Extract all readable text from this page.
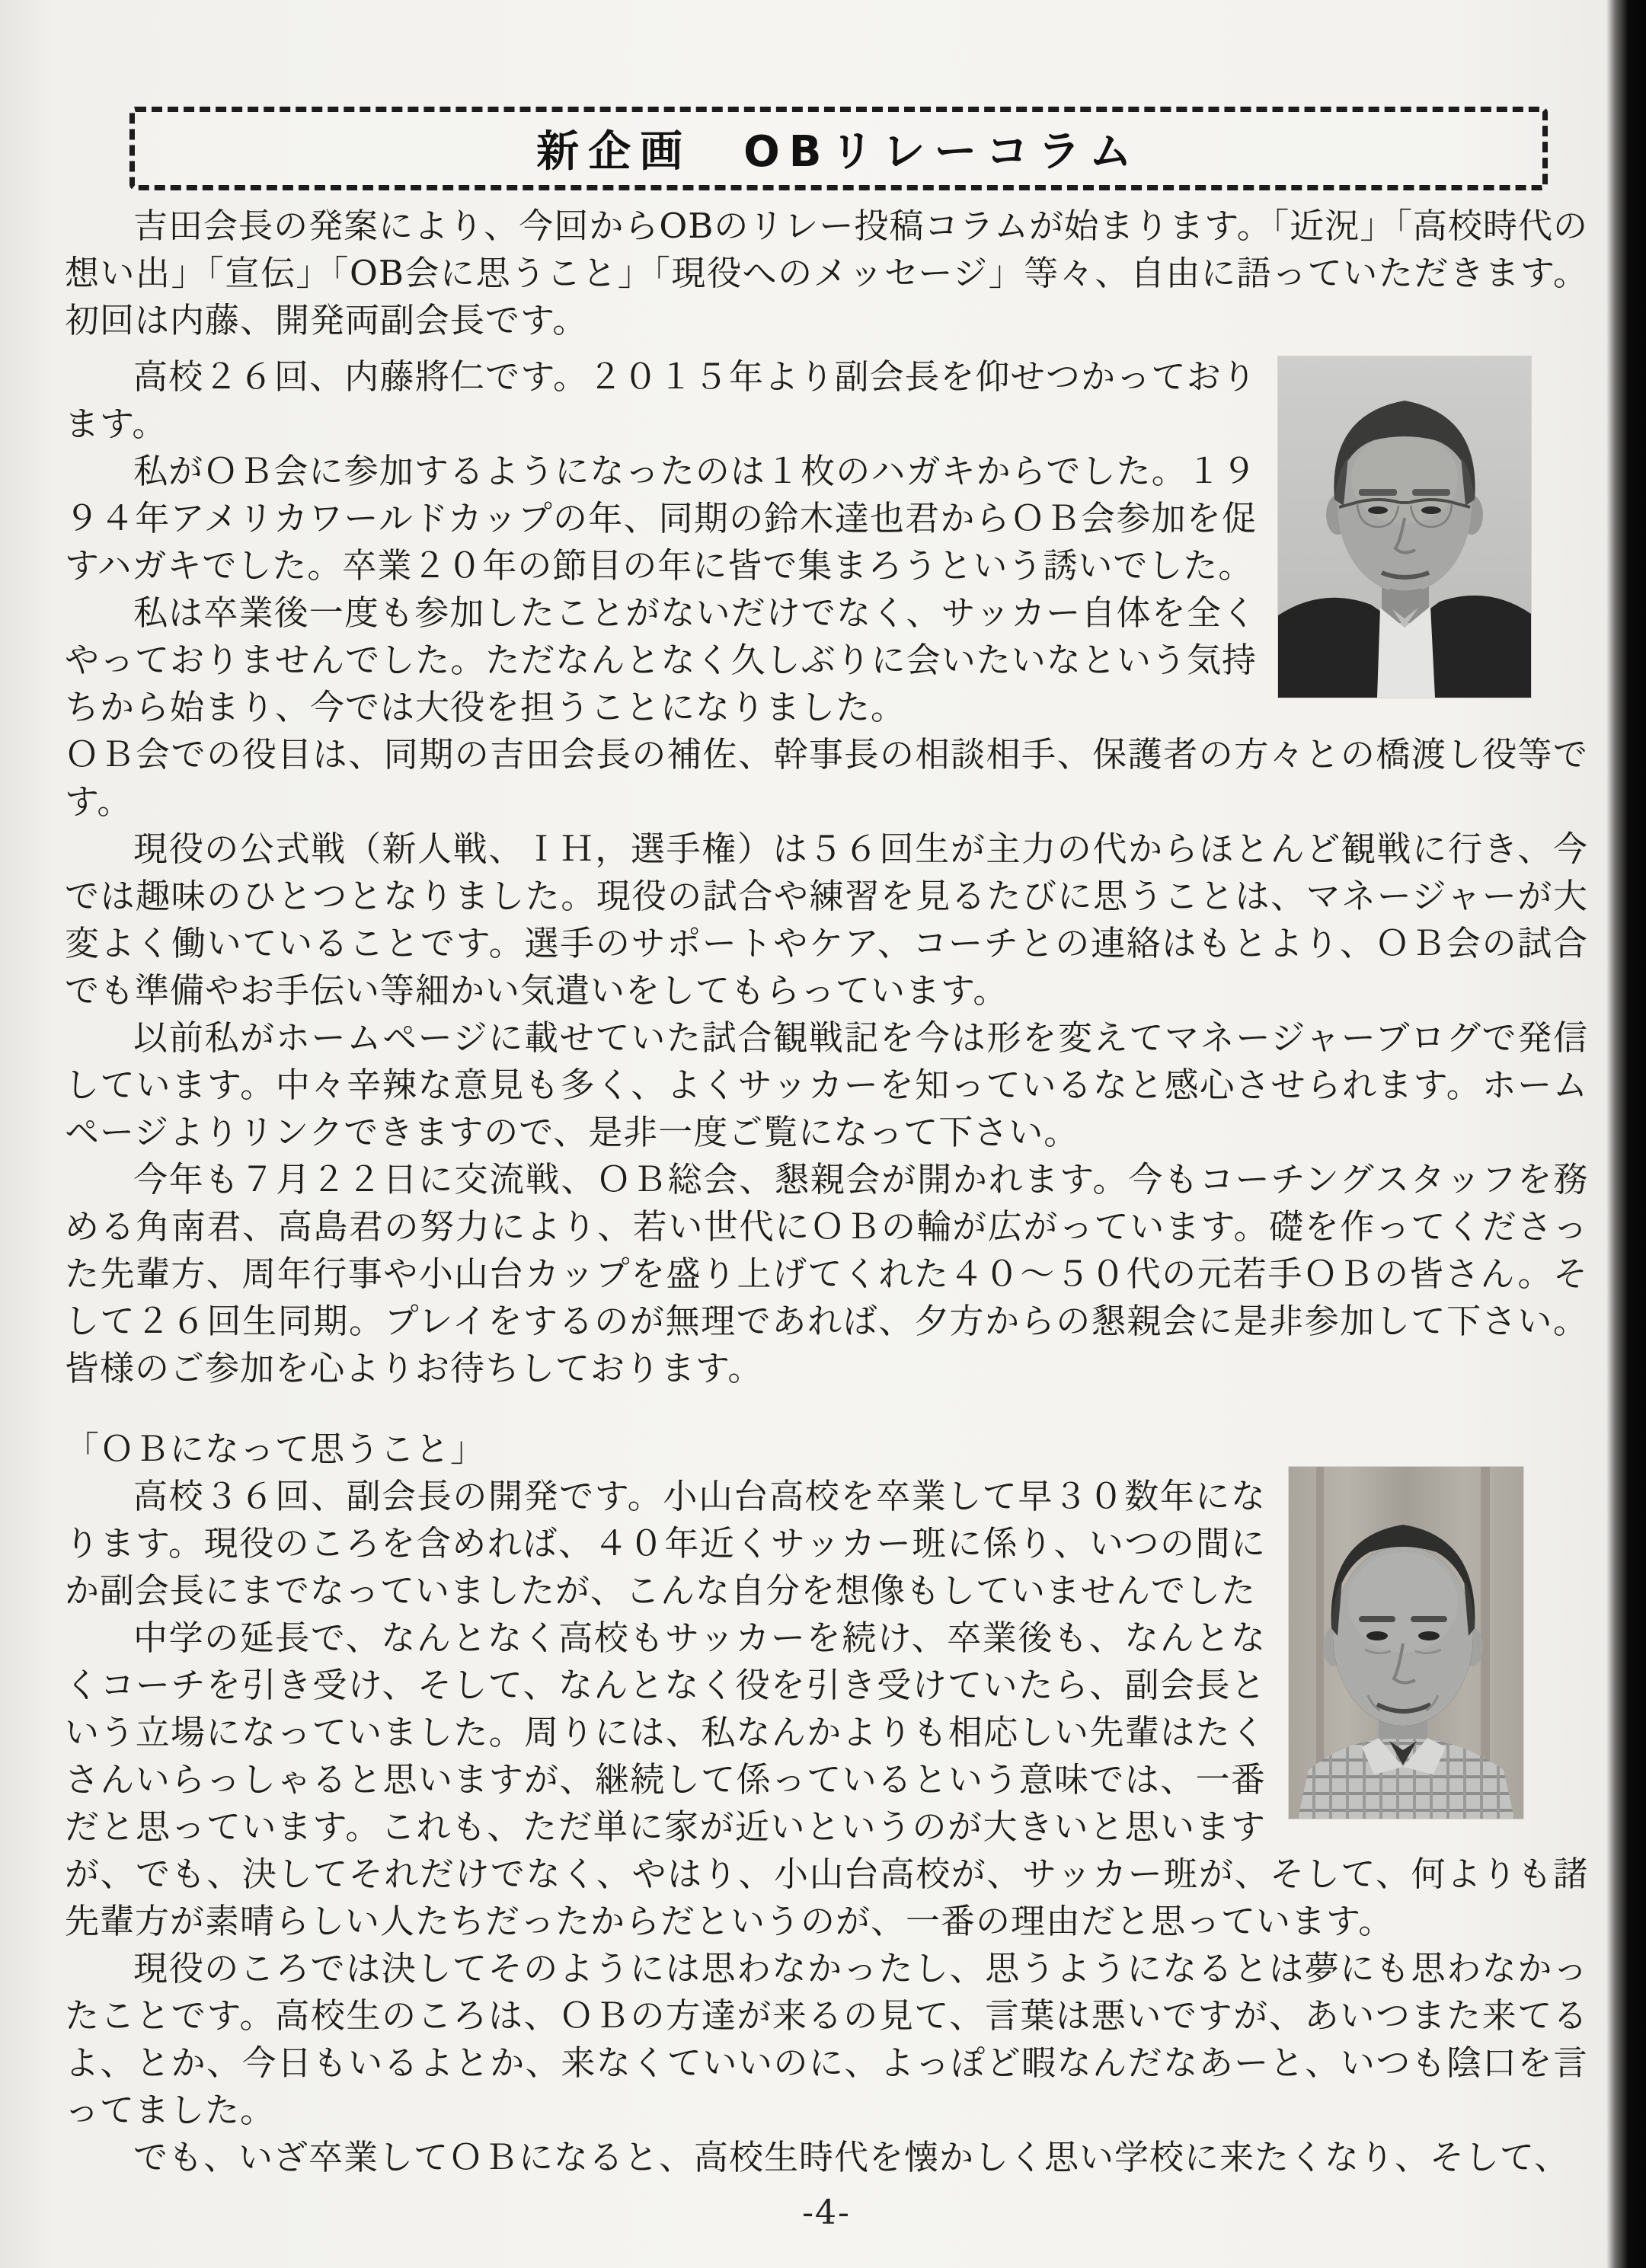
新企画　OBリレーコラム

吉田会長の発案により、今回からOBのリレー投稿コラムが始まります。「近況」「高校時代の想い出」「宣伝」「OB会に思うこと」「現役へのメッセージ」等々、自由に語っていただきます。初回は内藤、開発両副会長です。

高校２６回、内藤將仁です。２０１５年より副会長を仰せつかっております。

私がＯＢ会に参加するようになったのは１枚のハガキからでした。１９９４年アメリカワールドカップの年、同期の鈴木達也君からＯＢ会参加を促すハガキでした。卒業２０年の節目の年に皆で集まろうという誘いでした。

私は卒業後一度も参加したことがないだけでなく、サッカー自体を全くやっておりませんでした。ただなんとなく久しぶりに会いたいなという気持ちから始まり、今では大役を担うことになりました。

ＯＢ会での役目は、同期の吉田会長の補佐、幹事長の相談相手、保護者の方々との橋渡し役等です。

現役の公式戦（新人戦、ＩＨ，選手権）は５６回生が主力の代からほとんど観戦に行き、今では趣味のひとつとなりました。現役の試合や練習を見るたびに思うことは、マネージャーが大変よく働いていることです。選手のサポートやケア、コーチとの連絡はもとより、ＯＢ会の試合でも準備やお手伝い等細かい気遣いをしてもらっています。

以前私がホームページに載せていた試合観戦記を今は形を変えてマネージャーブログで発信しています。中々辛辣な意見も多く、よくサッカーを知っているなと感心させられます。ホームページよりリンクできますので、是非一度ご覧になって下さい。

今年も７月２２日に交流戦、ＯＢ総会、懇親会が開かれます。今もコーチングスタッフを務める角南君、高島君の努力により、若い世代にＯＢの輪が広がっています。礎を作ってくださった先輩方、周年行事や小山台カップを盛り上げてくれた４０～５０代の元若手ＯＢの皆さん。そして２６回生同期。プレイをするのが無理であれば、夕方からの懇親会に是非参加して下さい。皆様のご参加を心よりお待ちしております。

「ＯＢになって思うこと」

高校３６回、副会長の開発です。小山台高校を卒業して早３０数年になります。現役のころを含めれば、４０年近くサッカー班に係り、いつの間にか副会長にまでなっていましたが、こんな自分を想像もしていませんでした

中学の延長で、なんとなく高校もサッカーを続け、卒業後も、なんとなくコーチを引き受け、そして、なんとなく役を引き受けていたら、副会長という立場になっていました。周りには、私なんかよりも相応しい先輩はたくさんいらっしゃると思いますが、継続して係っているという意味では、一番だと思っています。これも、ただ単に家が近いというのが大きいと思いますが、でも、決してそれだけでなく、やはり、小山台高校が、サッカー班が、そして、何よりも諸先輩方が素晴らしい人たちだったからだというのが、一番の理由だと思っています。

現役のころでは決してそのようには思わなかったし、思うようになるとは夢にも思わなかったことです。高校生のころは、ＯＢの方達が来るの見て、言葉は悪いですが、あいつまた来てるよ、とか、今日もいるよとか、来なくていいのに、よっぽど暇なんだなあーと、いつも陰口を言ってました。

でも、いざ卒業してＯＢになると、高校生時代を懐かしく思い学校に来たくなり、そして、

-4-
